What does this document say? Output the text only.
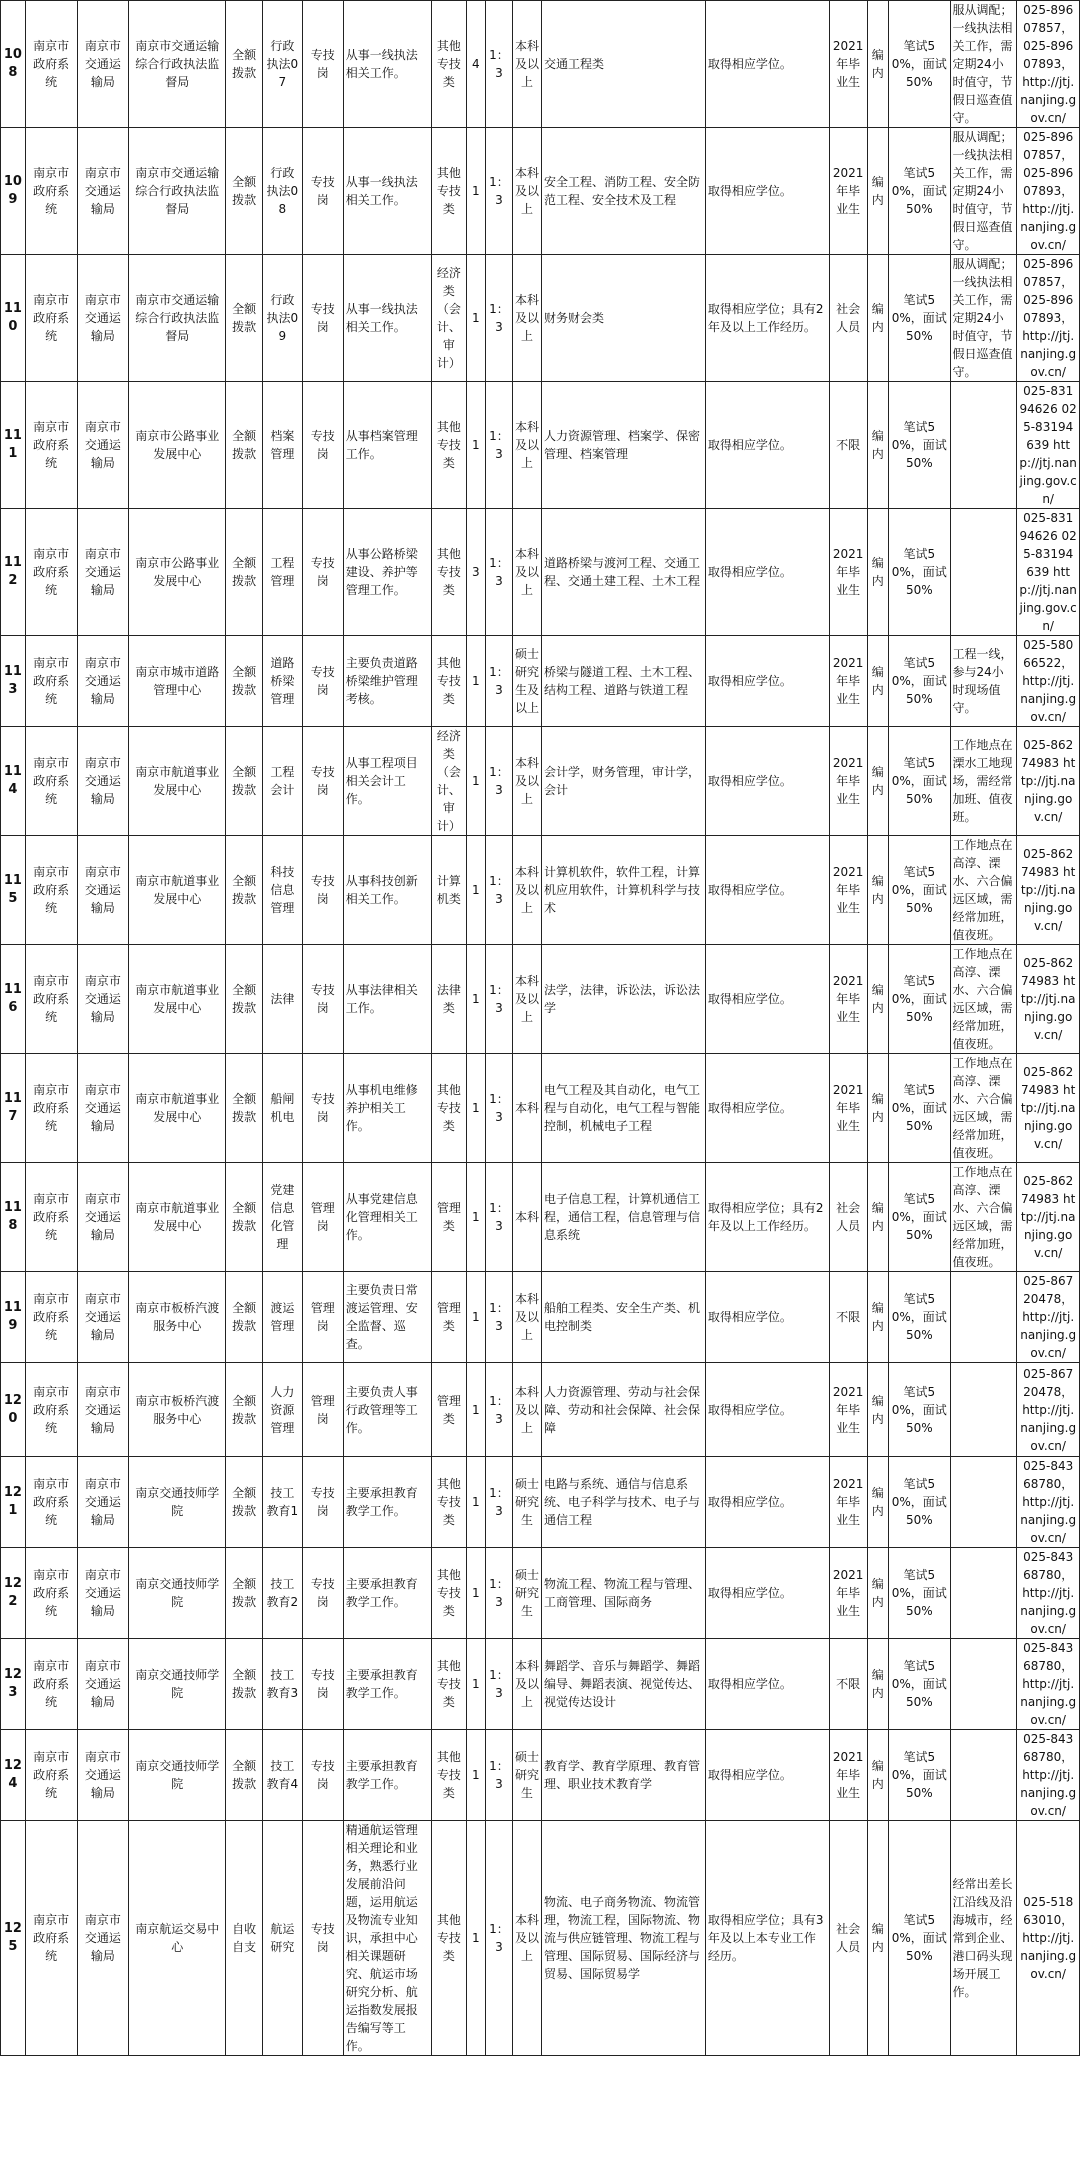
108	南京市政府系统	南京市交通运输局	南京市交通运输综合行政执法监督局	全额拨款	行政执法07	专技岗	从事一线执法相关工作。	其他专技类	4	1：3	本科及以上	交通工程类	取得相应学位。	2021年毕业生	编内	笔试50%，面试50%	服从调配；一线执法相关工作，需定期24小时值守，节假日巡查值守。	025-89607857，025-89607893，http://jtj.nanjing.gov.cn/
109	南京市政府系统	南京市交通运输局	南京市交通运输综合行政执法监督局	全额拨款	行政执法08	专技岗	从事一线执法相关工作。	其他专技类	1	1：3	本科及以上	安全工程、消防工程、安全防范工程、安全技术及工程	取得相应学位。	2021年毕业生	编内	笔试50%，面试50%	服从调配；一线执法相关工作，需定期24小时值守，节假日巡查值守。	025-89607857，025-89607893，http://jtj.nanjing.gov.cn/
110	南京市政府系统	南京市交通运输局	南京市交通运输综合行政执法监督局	全额拨款	行政执法09	专技岗	从事一线执法相关工作。	经济类（会计、审计）	1	1：3	本科及以上	财务财会类	取得相应学位；具有2年及以上工作经历。	社会人员	编内	笔试50%，面试50%	服从调配；一线执法相关工作，需定期24小时值守，节假日巡查值守。	025-89607857，025-89607893，http://jtj.nanjing.gov.cn/
111	南京市政府系统	南京市交通运输局	南京市公路事业发展中心	全额拨款	档案管理	专技岗	从事档案管理工作。	其他专技类	1	1：3	本科及以上	人力资源管理、档案学、保密管理、档案管理	取得相应学位。	不限	编内	笔试50%，面试50%		025-83194626 025-83194639 http://jtj.nanjing.gov.cn/
112	南京市政府系统	南京市交通运输局	南京市公路事业发展中心	全额拨款	工程管理	专技岗	从事公路桥梁建设、养护等管理工作。	其他专技类	3	1：3	本科及以上	道路桥梁与渡河工程、交通工程、交通土建工程、土木工程	取得相应学位。	2021年毕业生	编内	笔试50%，面试50%		025-83194626 025-83194639 http://jtj.nanjing.gov.cn/
113	南京市政府系统	南京市交通运输局	南京市城市道路管理中心	全额拨款	道路桥梁管理	专技岗	主要负责道路桥梁维护管理考核。	其他专技类	1	1：3	硕士研究生及以上	桥梁与隧道工程、土木工程、结构工程、道路与铁道工程	取得相应学位。	2021年毕业生	编内	笔试50%，面试50%	工程一线，参与24小时现场值守。	025-58066522，http://jtj.nanjing.gov.cn/
114	南京市政府系统	南京市交通运输局	南京市航道事业发展中心	全额拨款	工程会计	专技岗	从事工程项目相关会计工作。	经济类（会计、审计）	1	1：3	本科及以上	会计学，财务管理，审计学，会计	取得相应学位。	2021年毕业生	编内	笔试50%，面试50%	工作地点在溧水工地现场，需经常加班、值夜班。	025-86274983 http://jtj.nanjing.gov.cn/
115	南京市政府系统	南京市交通运输局	南京市航道事业发展中心	全额拨款	科技信息管理	专技岗	从事科技创新相关工作。	计算机类	1	1：3	本科及以上	计算机软件，软件工程，计算机应用软件，计算机科学与技术	取得相应学位。	2021年毕业生	编内	笔试50%，面试50%	工作地点在高淳、溧水、六合偏远区域，需经常加班，值夜班。	025-86274983 http://jtj.nanjing.gov.cn/
116	南京市政府系统	南京市交通运输局	南京市航道事业发展中心	全额拨款	法律	专技岗	从事法律相关工作。	法律类	1	1：3	本科及以上	法学，法律，诉讼法，诉讼法学	取得相应学位。	2021年毕业生	编内	笔试50%，面试50%	工作地点在高淳、溧水、六合偏远区域，需经常加班，值夜班。	025-86274983 http://jtj.nanjing.gov.cn/
117	南京市政府系统	南京市交通运输局	南京市航道事业发展中心	全额拨款	船闸机电	专技岗	从事机电维修养护相关工作。	其他专技类	1	1：3	本科	电气工程及其自动化，电气工程与自动化，电气工程与智能控制，机械电子工程	取得相应学位。	2021年毕业生	编内	笔试50%，面试50%	工作地点在高淳、溧水、六合偏远区域，需经常加班，值夜班。	025-86274983 http://jtj.nanjing.gov.cn/
118	南京市政府系统	南京市交通运输局	南京市航道事业发展中心	全额拨款	党建信息化管理	管理岗	从事党建信息化管理相关工作。	管理类	1	1：3	本科	电子信息工程，计算机通信工程，通信工程，信息管理与信息系统	取得相应学位；具有2年及以上工作经历。	社会人员	编内	笔试50%，面试50%	工作地点在高淳、溧水、六合偏远区域，需经常加班，值夜班。	025-86274983 http://jtj.nanjing.gov.cn/
119	南京市政府系统	南京市交通运输局	南京市板桥汽渡服务中心	全额拨款	渡运管理	管理岗	主要负责日常渡运管理、安全监督、巡查。	管理类	1	1：3	本科及以上	船舶工程类、安全生产类、机电控制类	取得相应学位。	不限	编内	笔试50%，面试50%		025-86720478，http://jtj.nanjing.gov.cn/
120	南京市政府系统	南京市交通运输局	南京市板桥汽渡服务中心	全额拨款	人力资源管理	管理岗	主要负责人事行政管理等工作。	管理类	1	1：3	本科及以上	人力资源管理、劳动与社会保障、劳动和社会保障、社会保障	取得相应学位。	2021年毕业生	编内	笔试50%，面试50%		025-86720478，http://jtj.nanjing.gov.cn/
121	南京市政府系统	南京市交通运输局	南京交通技师学院	全额拨款	技工教育1	专技岗	主要承担教育教学工作。	其他专技类	1	1：3	硕士研究生	电路与系统、通信与信息系统、电子科学与技术、电子与通信工程	取得相应学位。	2021年毕业生	编内	笔试50%，面试50%		025-84368780，http://jtj.nanjing.gov.cn/
122	南京市政府系统	南京市交通运输局	南京交通技师学院	全额拨款	技工教育2	专技岗	主要承担教育教学工作。	其他专技类	1	1：3	硕士研究生	物流工程、物流工程与管理、工商管理、国际商务	取得相应学位。	2021年毕业生	编内	笔试50%，面试50%		025-84368780，http://jtj.nanjing.gov.cn/
123	南京市政府系统	南京市交通运输局	南京交通技师学院	全额拨款	技工教育3	专技岗	主要承担教育教学工作。	其他专技类	1	1：3	本科及以上	舞蹈学、音乐与舞蹈学、舞蹈编导、舞蹈表演、视觉传达、视觉传达设计	取得相应学位。	不限	编内	笔试50%，面试50%		025-84368780，http://jtj.nanjing.gov.cn/
124	南京市政府系统	南京市交通运输局	南京交通技师学院	全额拨款	技工教育4	专技岗	主要承担教育教学工作。	其他专技类	1	1：3	硕士研究生	教育学、教育学原理、教育管理、职业技术教育学	取得相应学位。	2021年毕业生	编内	笔试50%，面试50%		025-84368780，http://jtj.nanjing.gov.cn/
125	南京市政府系统	南京市交通运输局	南京航运交易中心	自收自支	航运研究	专技岗	精通航运管理相关理论和业务，熟悉行业发展前沿问题，运用航运及物流专业知识，承担中心相关课题研究、航运市场研究分析、航运指数发展报告编写等工作。	其他专技类	1	1：3	本科及以上	物流、电子商务物流、物流管理，物流工程，国际物流、物流与供应链管理、物流工程与管理、国际贸易、国际经济与贸易、国际贸易学	取得相应学位；具有3年及以上本专业工作经历。	社会人员	编内	笔试50%，面试50%	经常出差长江沿线及沿海城市，经常到企业、港口码头现场开展工作。	025-51863010，http://jtj.nanjing.gov.cn/
